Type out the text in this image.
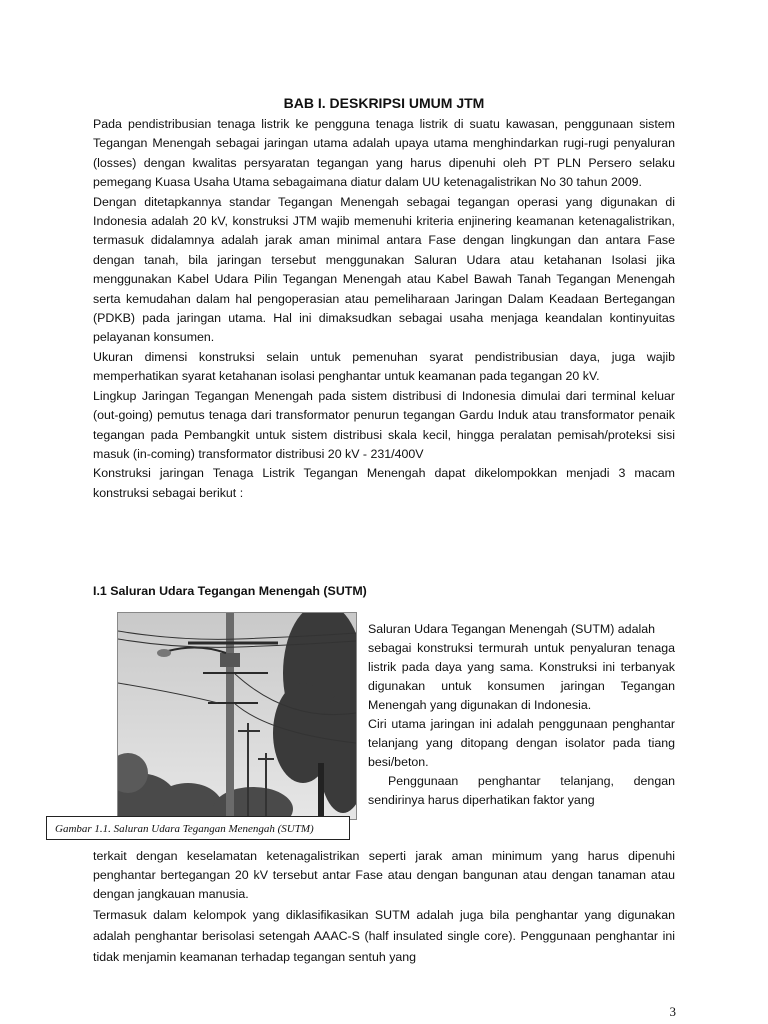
BAB I. DESKRIPSI UMUM JTM

Pada pendistribusian tenaga listrik ke pengguna tenaga listrik di suatu kawasan, penggunaan sistem Tegangan Menengah sebagai jaringan utama adalah upaya utama menghindarkan rugi-rugi penyaluran (losses) dengan kwalitas persyaratan tegangan yang harus dipenuhi oleh PT PLN Persero selaku pemegang Kuasa Usaha Utama sebagaimana diatur dalam UU ketenagalistrikan No 30 tahun 2009.

Dengan ditetapkannya standar Tegangan Menengah sebagai tegangan operasi yang digunakan di Indonesia adalah 20 kV, konstruksi JTM wajib memenuhi kriteria enjinering keamanan ketenagalistrikan, termasuk didalamnya adalah jarak aman minimal antara Fase dengan lingkungan dan antara Fase dengan tanah, bila jaringan tersebut menggunakan Saluran Udara atau ketahanan Isolasi jika menggunakan Kabel Udara Pilin Tegangan Menengah atau Kabel Bawah Tanah Tegangan Menengah serta kemudahan dalam hal pengoperasian atau pemeliharaan Jaringan Dalam Keadaan Bertegangan (PDKB) pada jaringan utama. Hal ini dimaksudkan sebagai usaha menjaga keandalan kontinyuitas pelayanan konsumen.

Ukuran dimensi konstruksi selain untuk pemenuhan syarat pendistribusian daya, juga wajib memperhatikan syarat ketahanan isolasi penghantar untuk keamanan pada tegangan 20 kV.

Lingkup Jaringan Tegangan Menengah pada sistem distribusi di Indonesia dimulai dari terminal keluar (out-going) pemutus tenaga dari transformator penurun tegangan Gardu Induk atau transformator penaik tegangan pada Pembangkit untuk sistem distribusi skala kecil, hingga peralatan pemisah/proteksi sisi masuk (in-coming) transformator distribusi 20 kV - 231/400V

Konstruksi jaringan Tenaga Listrik Tegangan Menengah dapat dikelompokkan menjadi 3 macam konstruksi sebagai berikut :

I.1 Saluran Udara Tegangan Menengah (SUTM)
Gambar 1.1. Saluran Udara Tegangan Menengah (SUTM)

Saluran Udara Tegangan Menengah (SUTM) adalah

sebagai konstruksi termurah untuk penyaluran tenaga listrik pada daya yang sama. Konstruksi ini terbanyak digunakan untuk konsumen jaringan Tegangan Menengah yang digunakan di Indonesia.

Ciri utama jaringan ini adalah penggunaan penghantar telanjang yang ditopang dengan isolator pada tiang besi/beton.

Penggunaan penghantar telanjang, dengan sendirinya harus diperhatikan faktor yang

terkait dengan keselamatan ketenagalistrikan seperti jarak aman minimum yang harus dipenuhi penghantar bertegangan 20 kV tersebut antar Fase atau dengan bangunan atau dengan tanaman atau dengan jangkauan manusia.

Termasuk dalam kelompok yang diklasifikasikan SUTM adalah juga bila penghantar yang digunakan adalah penghantar berisolasi setengah AAAC-S (half insulated single core). Penggunaan penghantar ini tidak menjamin keamanan terhadap tegangan sentuh yang

3
